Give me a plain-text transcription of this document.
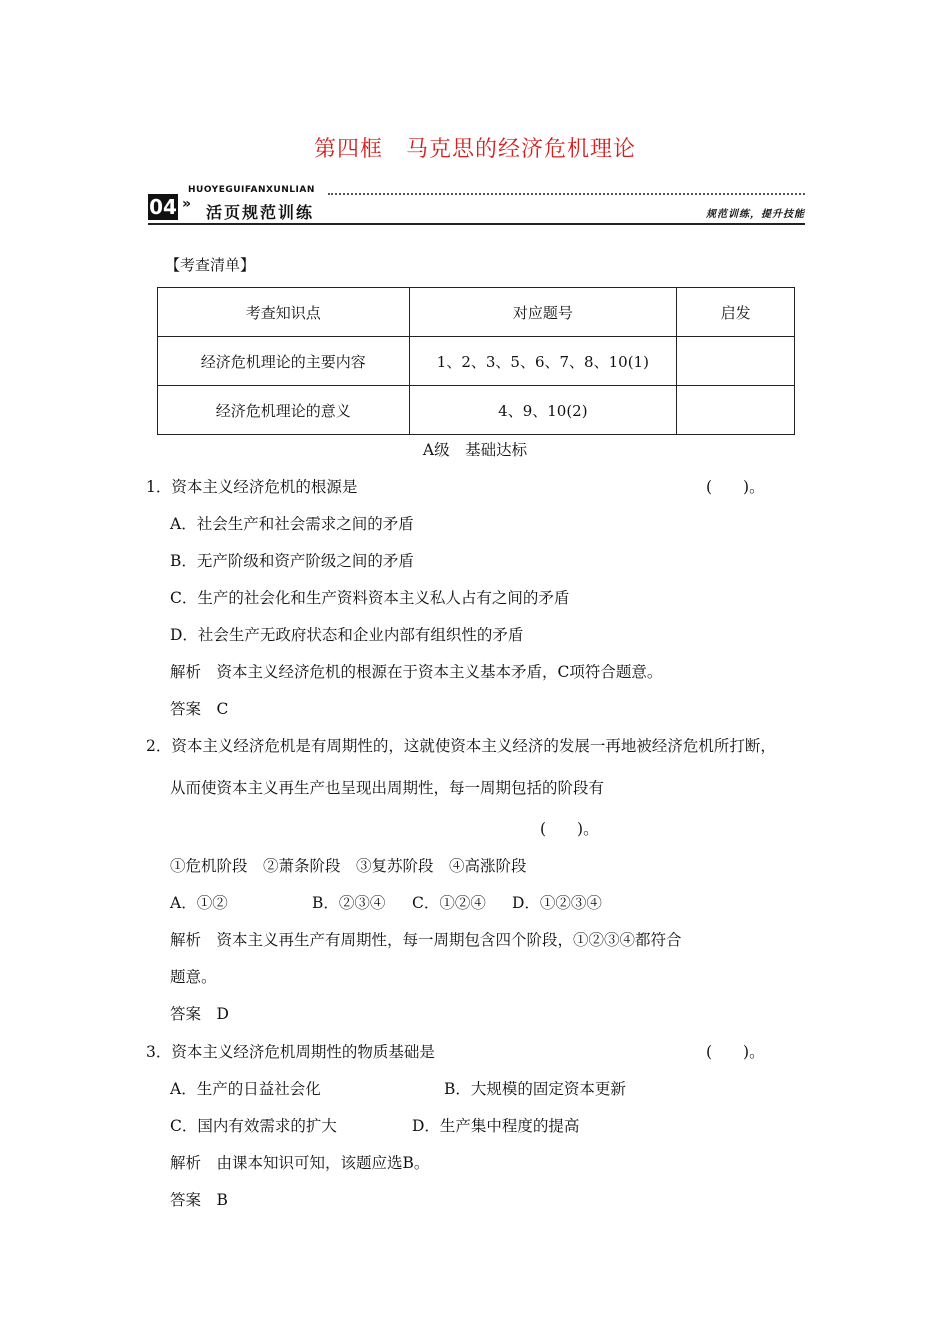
第四框　马克思的经济危机理论
04 »
HUOYEGUIFANXUNLIAN
活页规范训练	规范训练，提升技能
【考查清单】
考查知识点	对应题号	启发
经济危机理论的主要内容	1、2、3、5、6、7、8、10(1)	
经济危机理论的意义	4、9、10(2)	
A级　基础达标
1．资本主义经济危机的根源是	(　　)。
A．社会生产和社会需求之间的矛盾
B．无产阶级和资产阶级之间的矛盾
C．生产的社会化和生产资料资本主义私人占有之间的矛盾
D．社会生产无政府状态和企业内部有组织性的矛盾
解析　资本主义经济危机的根源在于资本主义基本矛盾，C项符合题意。
答案　C
2．资本主义经济危机是有周期性的，这就使资本主义经济的发展一再地被经济危机所打断，
从而使资本主义再生产也呈现出周期性，每一周期包括的阶段有
(　　)。
①危机阶段　②萧条阶段　③复苏阶段　④高涨阶段
A．①②	B．②③④ C．①②④ D．①②③④
解析　资本主义再生产有周期性，每一周期包含四个阶段，①②③④都符合
题意。
答案　D
3．资本主义经济危机周期性的物质基础是	(　　)。
A．生产的日益社会化	B．大规模的固定资本更新
C．国内有效需求的扩大	D．生产集中程度的提高
解析　由课本知识可知，该题应选B。
答案　B
